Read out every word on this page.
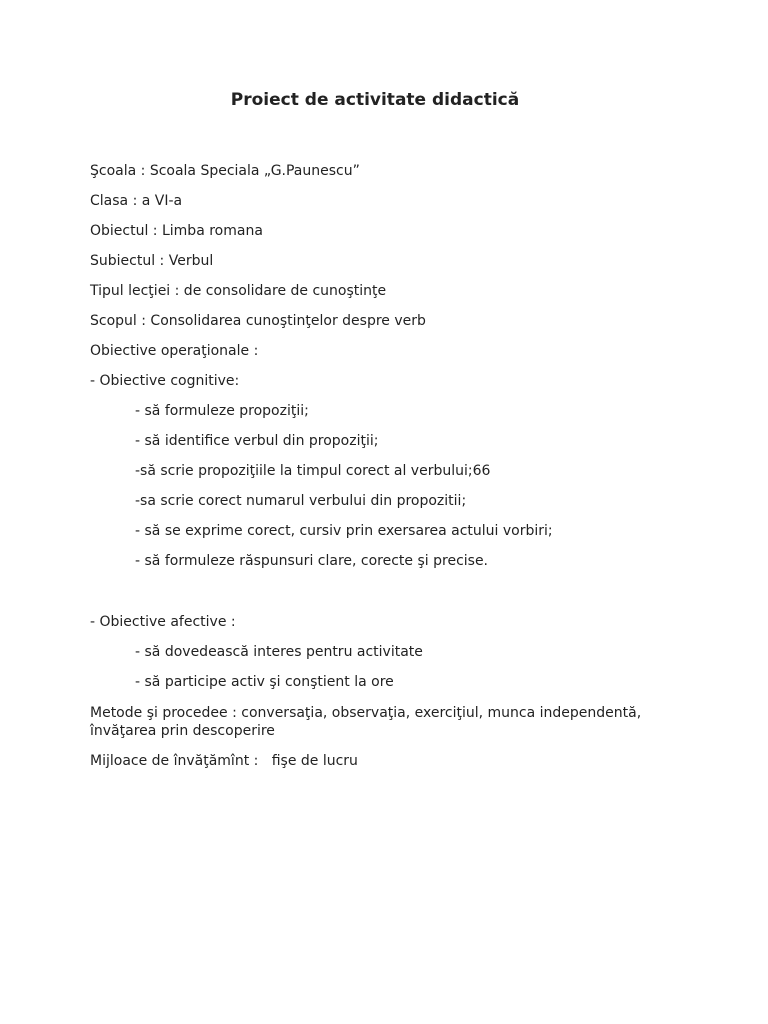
Proiect de activitate didactică

Şcoala : Scoala Speciala „G.Paunescu”

Clasa : a VI-a

Obiectul : Limba romana

Subiectul : Verbul

Tipul lecţiei : de consolidare de cunoştinţe

Scopul : Consolidarea cunoştinţelor despre verb

Obiective operaţionale :

- Obiective cognitive:

- să formuleze propoziţii;

- să identifice verbul din propoziţii;

-să scrie propoziţiile la timpul corect al verbului;66

-sa scrie corect numarul verbului din propozitii;

- să se exprime corect, cursiv prin exersarea actului vorbiri;

- să formuleze răspunsuri clare, corecte şi precise.

- Obiective afective :

- să dovedească interes pentru activitate

- să participe activ şi conştient la ore

Metode şi procedee : conversaţia, observaţia, exerciţiul, munca independentă, învăţarea prin descoperire

Mijloace de învăţămînt :   fişe de lucru
